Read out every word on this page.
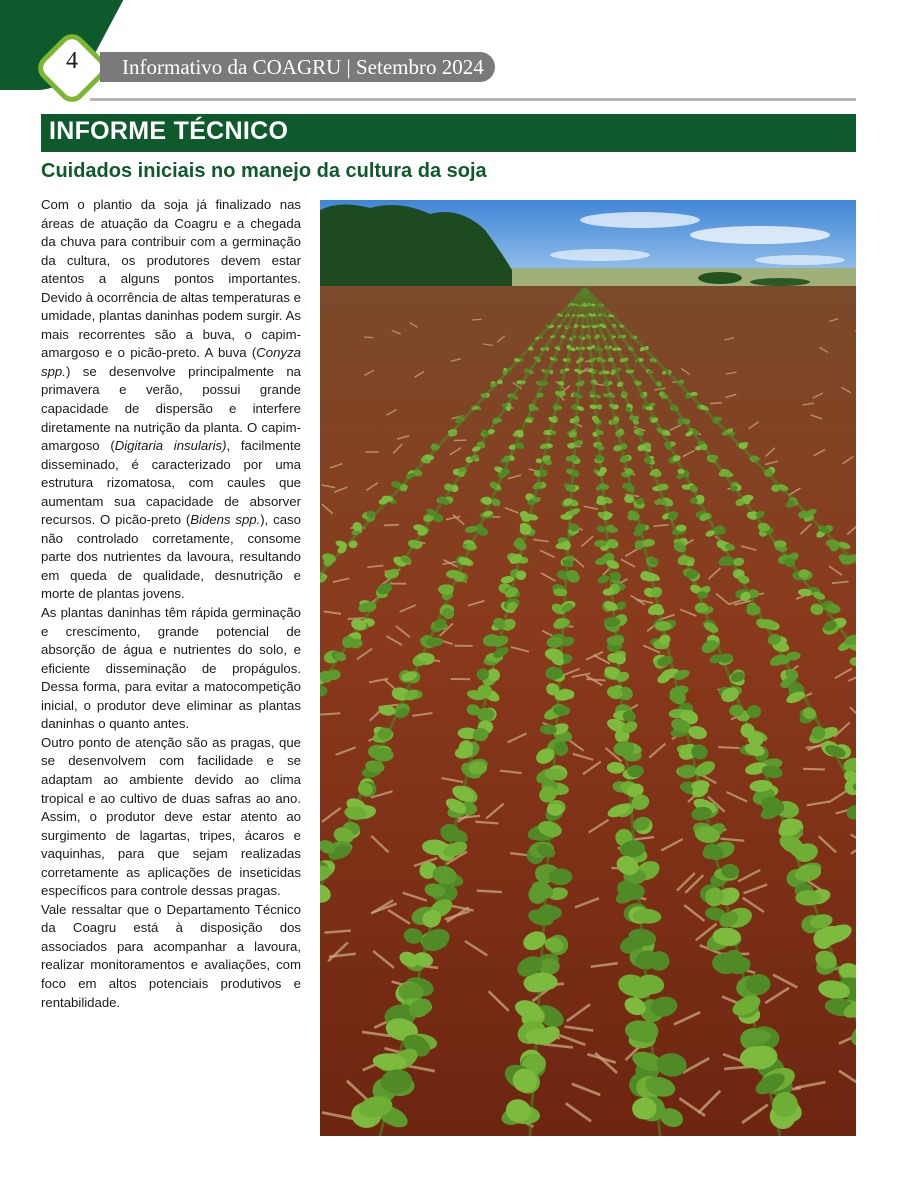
4	Informativo da COAGRU | Setembro 2024
INFORME TÉCNICO
Cuidados iniciais no manejo da cultura da soja

Com o plantio da soja já finalizado nas áreas de atuação da Coagru e a chegada da chuva para contribuir com a germinação da cultura, os produtores devem estar atentos a alguns pontos importantes. Devido à ocorrência de altas temperaturas e umidade, plantas daninhas podem surgir. As mais recorrentes são a buva, o capim-amargoso e o picão-preto. A buva (Conyza spp.) se desenvolve principalmente na primavera e verão, possui grande capacidade de dispersão e interfere diretamente na nutrição da planta. O capim-amargoso (Digitaria insularis), facilmente disseminado, é caracterizado por uma estrutura rizomatosa, com caules que aumentam sua capacidade de absorver recursos. O picão-preto (Bidens spp.), caso não controlado corretamente, consome parte dos nutrientes da lavoura, resultando em queda de qualidade, desnutrição e morte de plantas jovens.

As plantas daninhas têm rápida germinação e crescimento, grande potencial de absorção de água e nutrientes do solo, e eficiente disseminação de propágulos. Dessa forma, para evitar a matocompetição inicial, o produtor deve eliminar as plantas daninhas o quanto antes.

Outro ponto de atenção são as pragas, que se desenvolvem com facilidade e se adaptam ao ambiente devido ao clima tropical e ao cultivo de duas safras ao ano. Assim, o produtor deve estar atento ao surgimento de lagartas, tripes, ácaros e vaquinhas, para que sejam realizadas corretamente as aplicações de inseticidas específicos para controle dessas pragas.

Vale ressaltar que o Departamento Técnico da Coagru está à disposição dos associados para acompanhar a lavoura, realizar monitoramentos e avaliações, com foco em altos potenciais produtivos e rentabilidade.
